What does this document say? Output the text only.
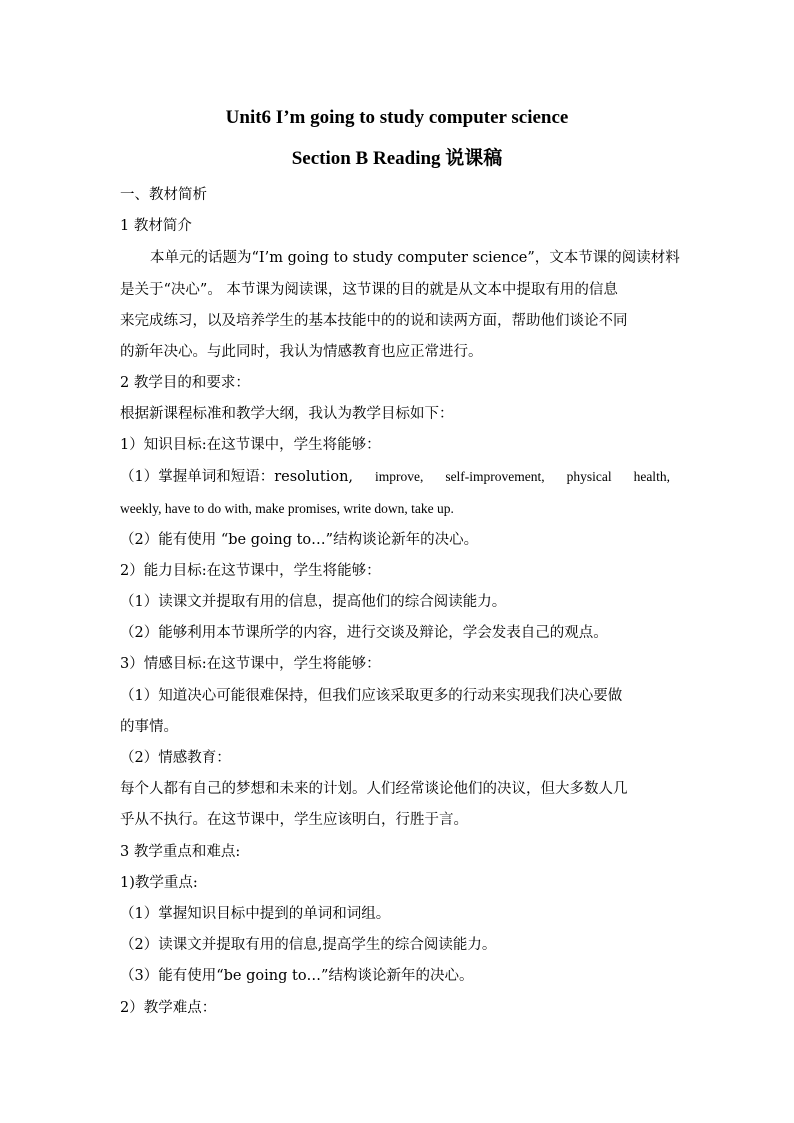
Unit6 I’m going to study computer science
Section B Reading 说课稿
一、教材简析
1 教材简介
本单元的话题为“I’m going to study computer science”，文本节课的阅读材料
是关于“决心”。 本节课为阅读课，这节课的目的就是从文本中提取有用的信息
来完成练习，以及培养学生的基本技能中的的说和读两方面，帮助他们谈论不同
的新年决心。与此同时，我认为情感教育也应正常进行。
2 教学目的和要求：
根据新课程标准和教学大纲，我认为教学目标如下：
1）知识目标:在这节课中，学生将能够：
（1）掌握单词和短语：resolution, improve, self-improvement, physical health,
weekly, have to do with, make promises, write down, take up.
（2）能有使用 “be going to…”结构谈论新年的决心。
2）能力目标:在这节课中，学生将能够：
（1）读课文并提取有用的信息，提高他们的综合阅读能力。
（2）能够利用本节课所学的内容，进行交谈及辩论，学会发表自己的观点。
3）情感目标:在这节课中，学生将能够：
（1）知道决心可能很难保持，但我们应该采取更多的行动来实现我们决心要做
的事情。
（2）情感教育：
每个人都有自己的梦想和未来的计划。人们经常谈论他们的决议，但大多数人几
乎从不执行。在这节课中，学生应该明白，行胜于言。
3 教学重点和难点:
1)教学重点:
（1）掌握知识目标中提到的单词和词组。
（2）读课文并提取有用的信息,提高学生的综合阅读能力。
（3）能有使用“be going to…”结构谈论新年的决心。
2）教学难点：
